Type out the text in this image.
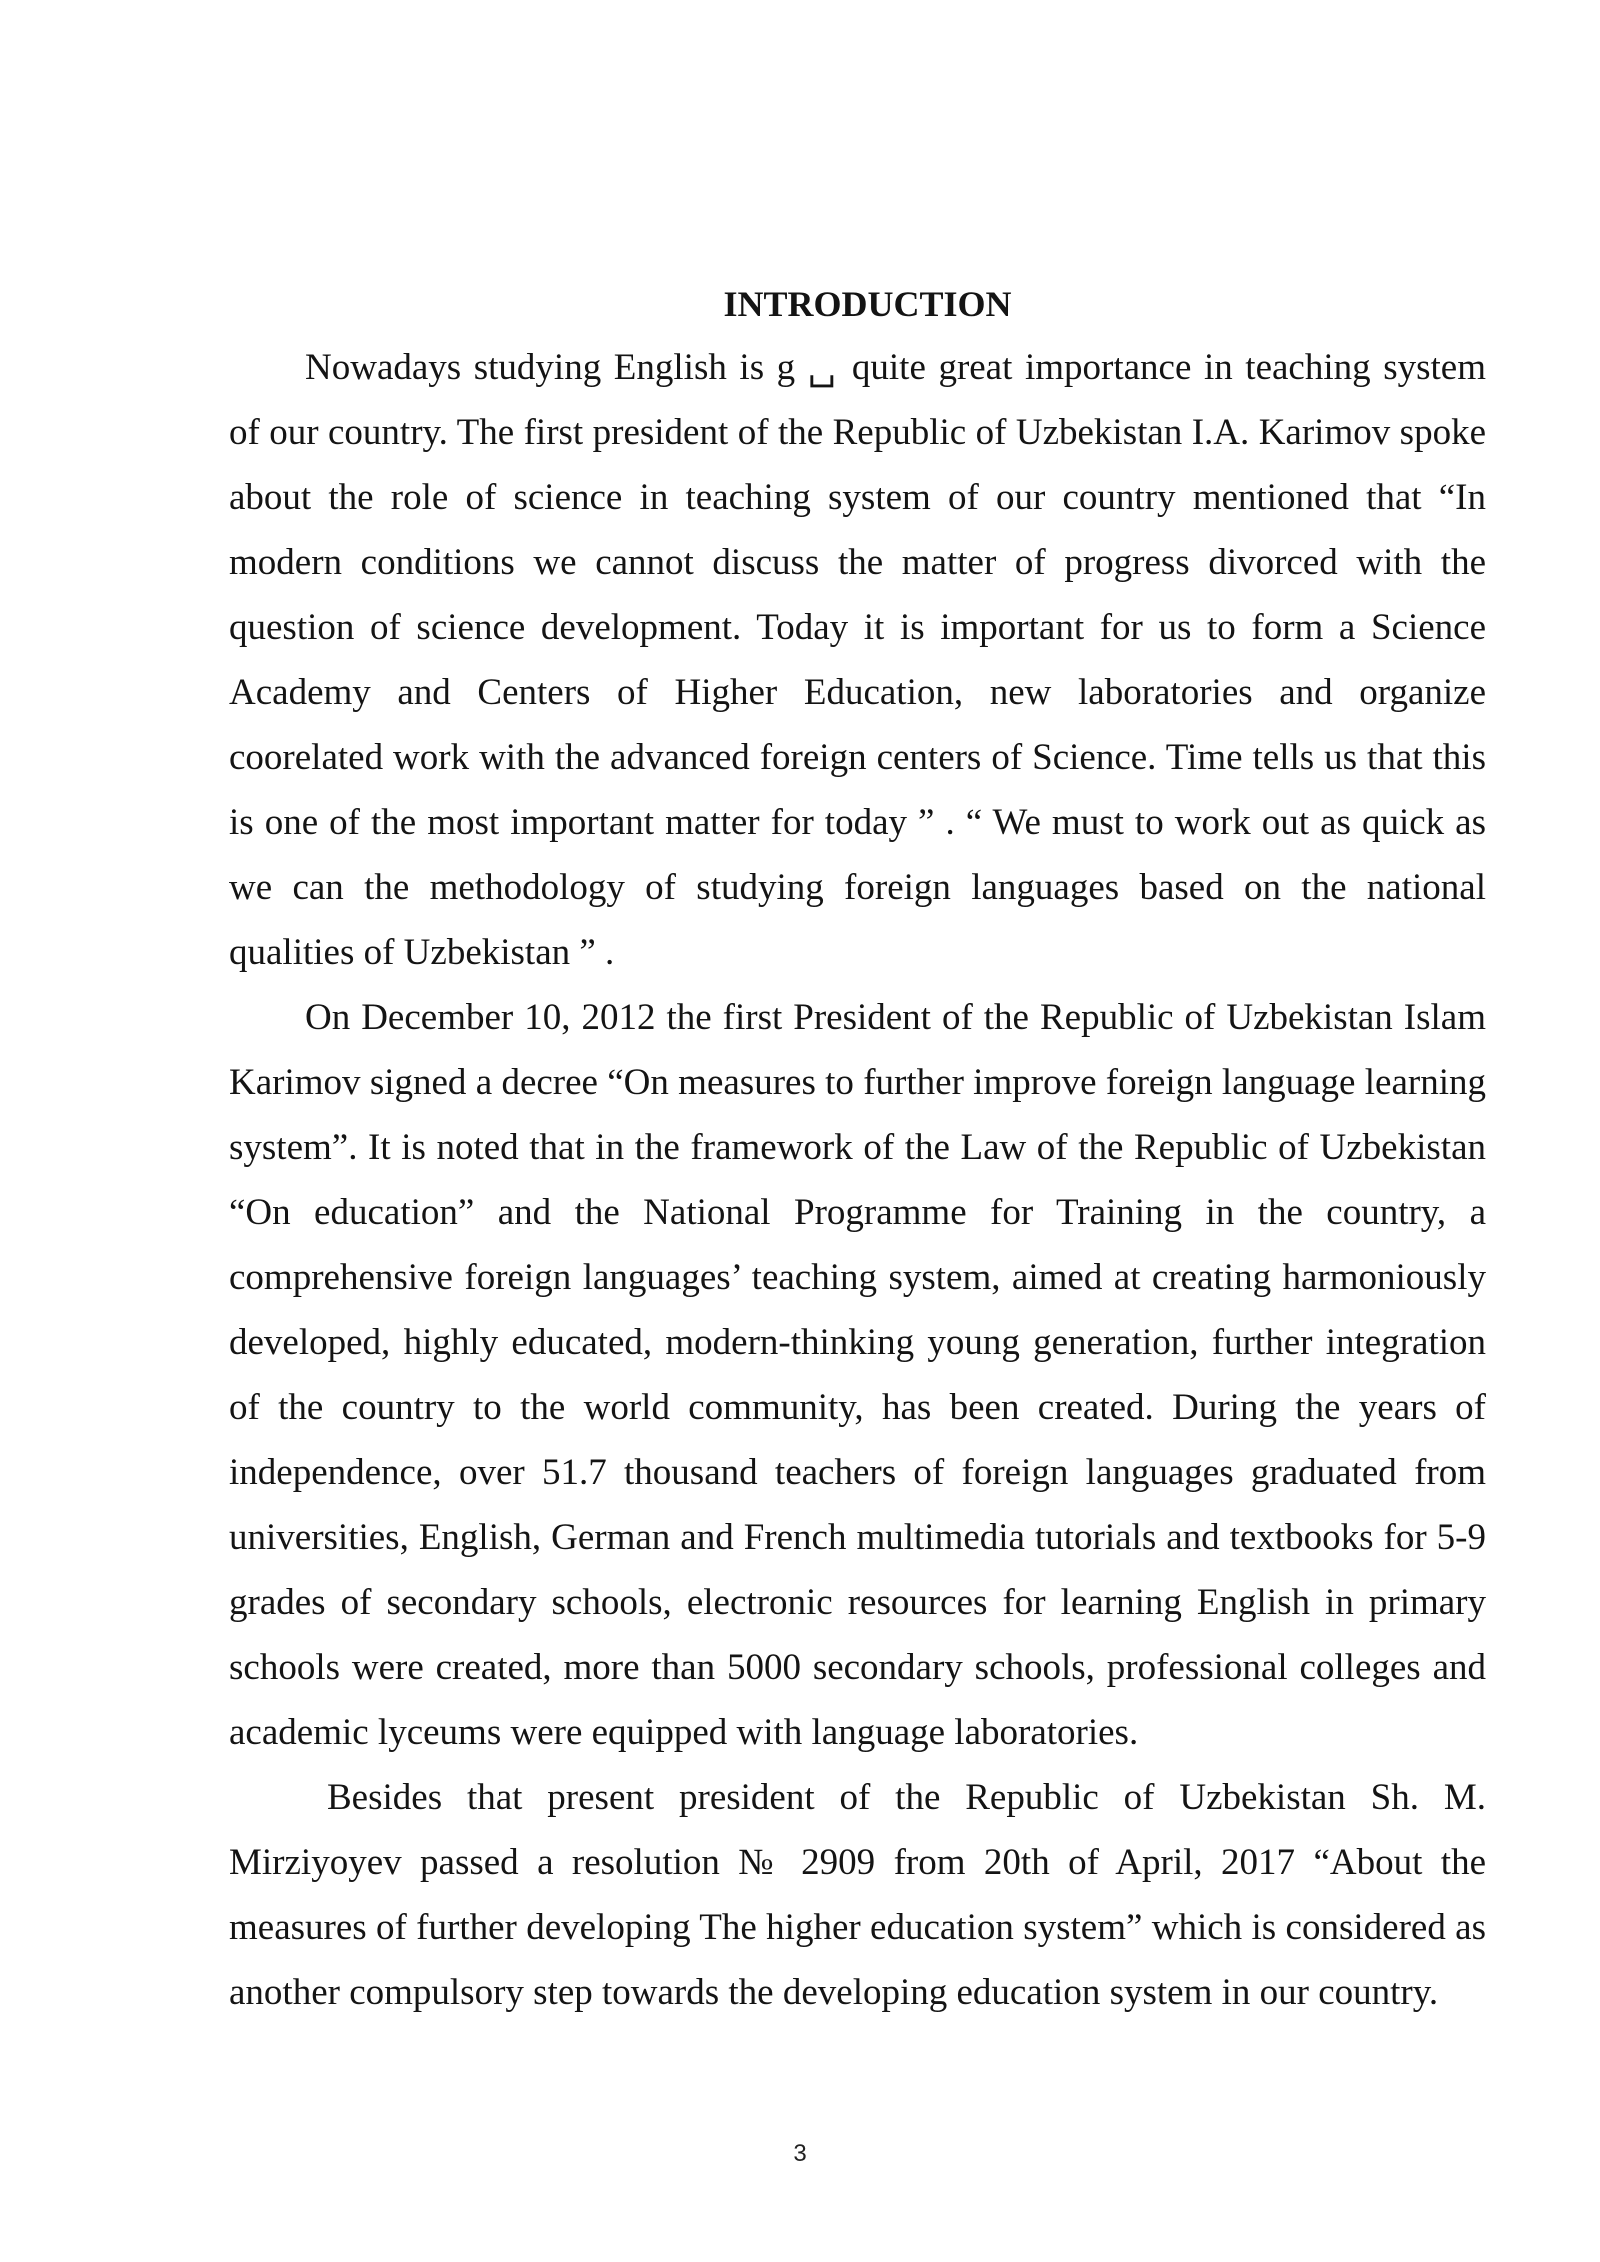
INTRODUCTION

Nowadays studying English is g ␣ quite great importance in teaching system of our country. The first president of the Republic of Uzbekistan I.A. Karimov spoke about the role of science in teaching system of our country mentioned that “In modern conditions we cannot discuss the matter of progress divorced with the question of science development. Today it is important for us to form a Science Academy and Centers of Higher Education, new laboratories and organize coorelated work with the advanced foreign centers of Science. Time tells us that this is one of the most important matter for today ” . “ We must to work out as quick as we can the methodology of studying foreign languages based on the national qualities of Uzbekistan ” .

On December 10, 2012 the first President of the Republic of Uzbekistan Islam Karimov signed a decree “On measures to further improve foreign language learning system”. It is noted that in the framework of the Law of the Republic of Uzbekistan “On education” and the National Programme for Training in the country, a comprehensive foreign languages’ teaching system, aimed at creating harmoniously developed, highly educated, modern-thinking young generation, further integration of the country to the world community, has been created. During the years of independence, over 51.7 thousand teachers of foreign languages graduated from universities, English, German and French multimedia tutorials and textbooks for 5-9 grades of secondary schools, electronic resources for learning English in primary schools were created, more than 5000 secondary schools, professional colleges and academic lyceums were equipped with language laboratories.

Besides that present president of the Republic of Uzbekistan Sh. M. Mirziyoyev passed a resolution № 2909 from 20th of April, 2017 “About the measures of further developing The higher education system” which is considered as another compulsory step towards the developing education system in our country.

3
